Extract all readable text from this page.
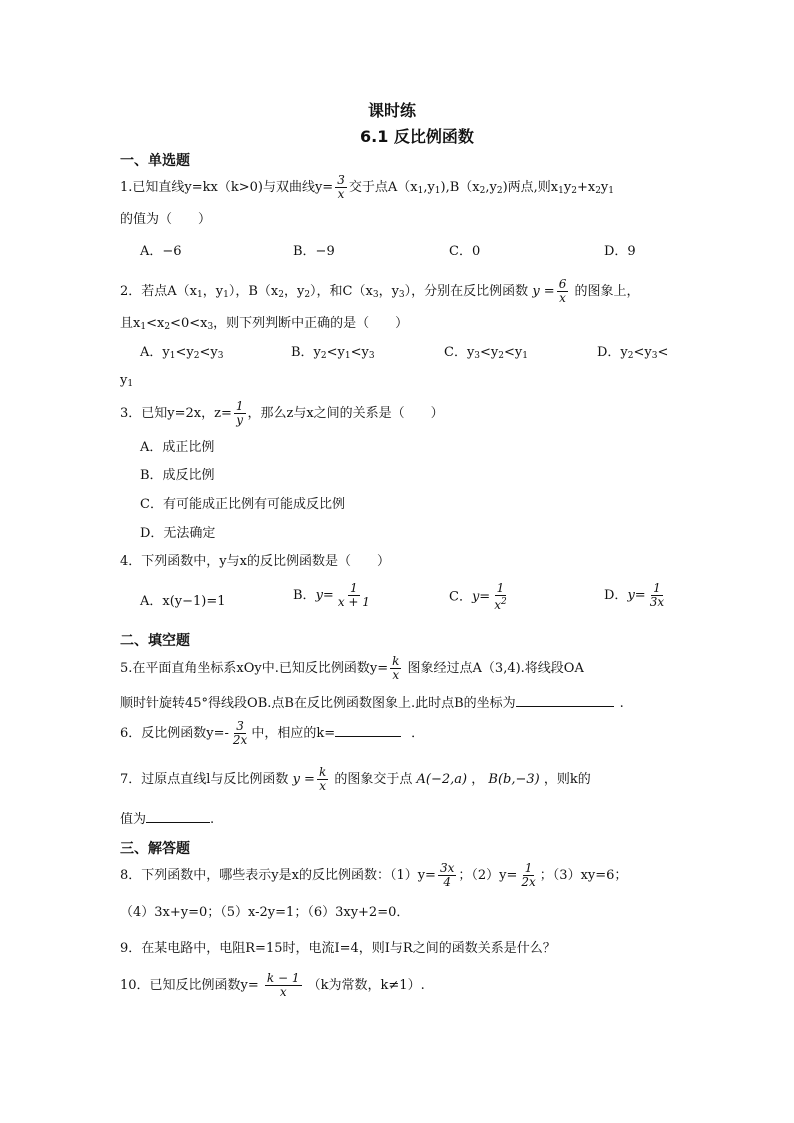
课时练
6.1 反比例函数
一、单选题
1.已知直线y=kx（k>0)与双曲线$y= \frac{3}{x}$ 交于点$A(x_1,y_1),B(x_2,y_2)$两点,则$x_1y_2+x_2y_1$
的值为（　　）
A．−6	B．−9	C．0	D．9
2．若点$A(x_1$，$y_1$），$B(x_2$，$y_2$），和$C(x_3$，$y_3$），分别在反比例函数 $y = \frac{6}{x}$ 的图象上，
且$x_1<x_2<0<x_3$，则下列判断中正确的是（　　）
A．$y_1<y_2<y_3$	B．$y_2<y_1<y_3$	C．$y_3<y_2<y_1$	D．$y_2<y_3<$
$y_1$
3．已知y=2x，$z= \frac{1}{y}$ ，那么z与x之间的关系是（　　）
A．成正比例
B．成反比例
C．有可能成正比例有可能成反比例
D．无法确定
4．下列函数中，y与x的反比例函数是（　　）
A．x(y−1)=1	B．$y= \frac{1}{x + 1}$	C．$y= \frac{1}{x^2}$	D．$y= \frac{1}{3x}$
二、填空题
5.在平面直角坐标系xOy中.已知反比例函数$y= \frac{k}{x}$ 图象经过点A（3,4).将线段OA
顺时针旋转45°得线段OB.点B在反比例函数图象上.此时点B的坐标为	.
6．反比例函数$y=- \frac{3}{2x}$ 中，相应的k=	．
7．过原点直线l与反比例函数 $y = \frac{k}{x}$ 的图象交于点 A(−2,a) ， B(b,−3) ，则k的
值为	.
三、解答题
8．下列函数中，哪些表示y是x的反比例函数：$(1)y= \frac{3x}{4}$ ；$(2)y= \frac{1}{2x}$ ；（3）xy=6；
（4）3x+y=0；（5）x-2y=1；（6）3xy+2=0．
9．在某电路中，电阻R=15时，电流I=4，则I与R之间的函数关系是什么？
10．已知反比例函数$y= \frac{k - 1}{x} (k$为常数，k≠1）.
